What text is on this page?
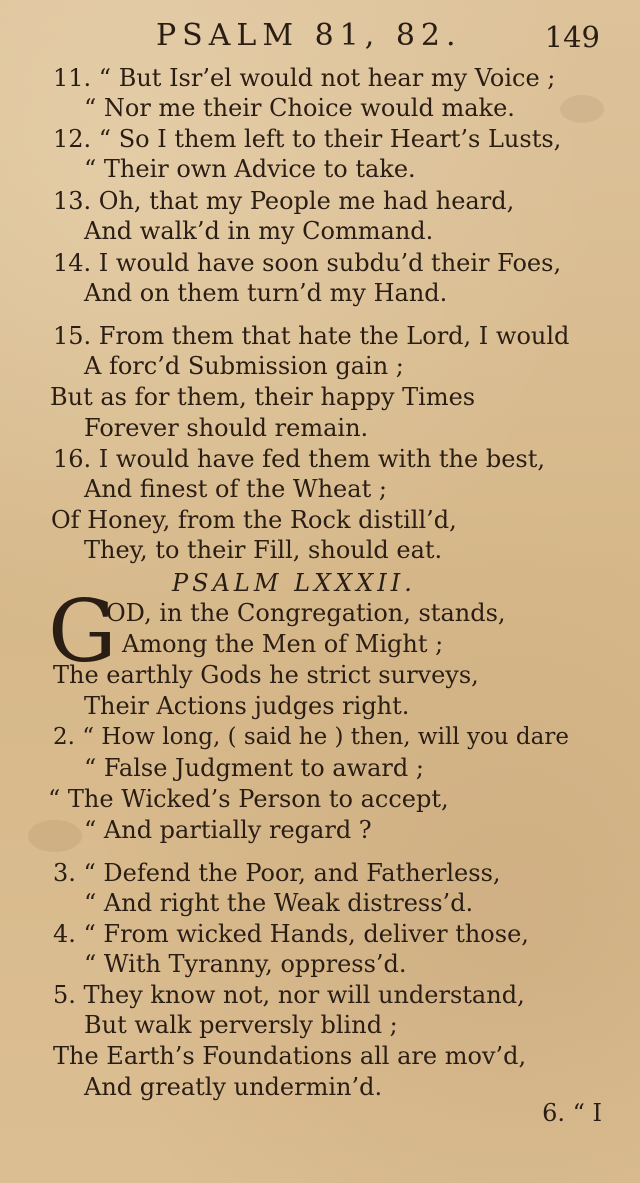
PSALM 81, 82.	149
11. “ But Isr’el would not hear my Voice ;
“ Nor me their Choice would make.
12. “ So I them left to their Heart’s Lusts,
“ Their own Advice to take.
13. Oh, that my People me had heard,
And walk’d in my Command.
14. I would have soon subdu’d their Foes,
And on them turn’d my Hand.
15. From them that hate the Lord, I would
A forc’d Submission gain ;
But as for them, their happy Times
Forever should remain.
16. I would have fed them with the best,
And finest of the Wheat ;
Of Honey, from the Rock distill’d,
They, to their Fill, should eat.
PSALM LXXXII.
G
OD, in the Congregation, stands,
Among the Men of Might ;
The earthly Gods he strict surveys,
Their Actions judges right.
2. “ How long, ( said he ) then, will you dare
“ False Judgment to award ;
“ The Wicked’s Person to accept,
“ And partially regard ?
3. “ Defend the Poor, and Fatherless,
“ And right the Weak distress’d.
4. “ From wicked Hands, deliver those,
“ With Tyranny, oppress’d.
5. They know not, nor will understand,
But walk perversly blind ;
The Earth’s Foundations all are mov’d,
And greatly undermin’d.
6. “ I
